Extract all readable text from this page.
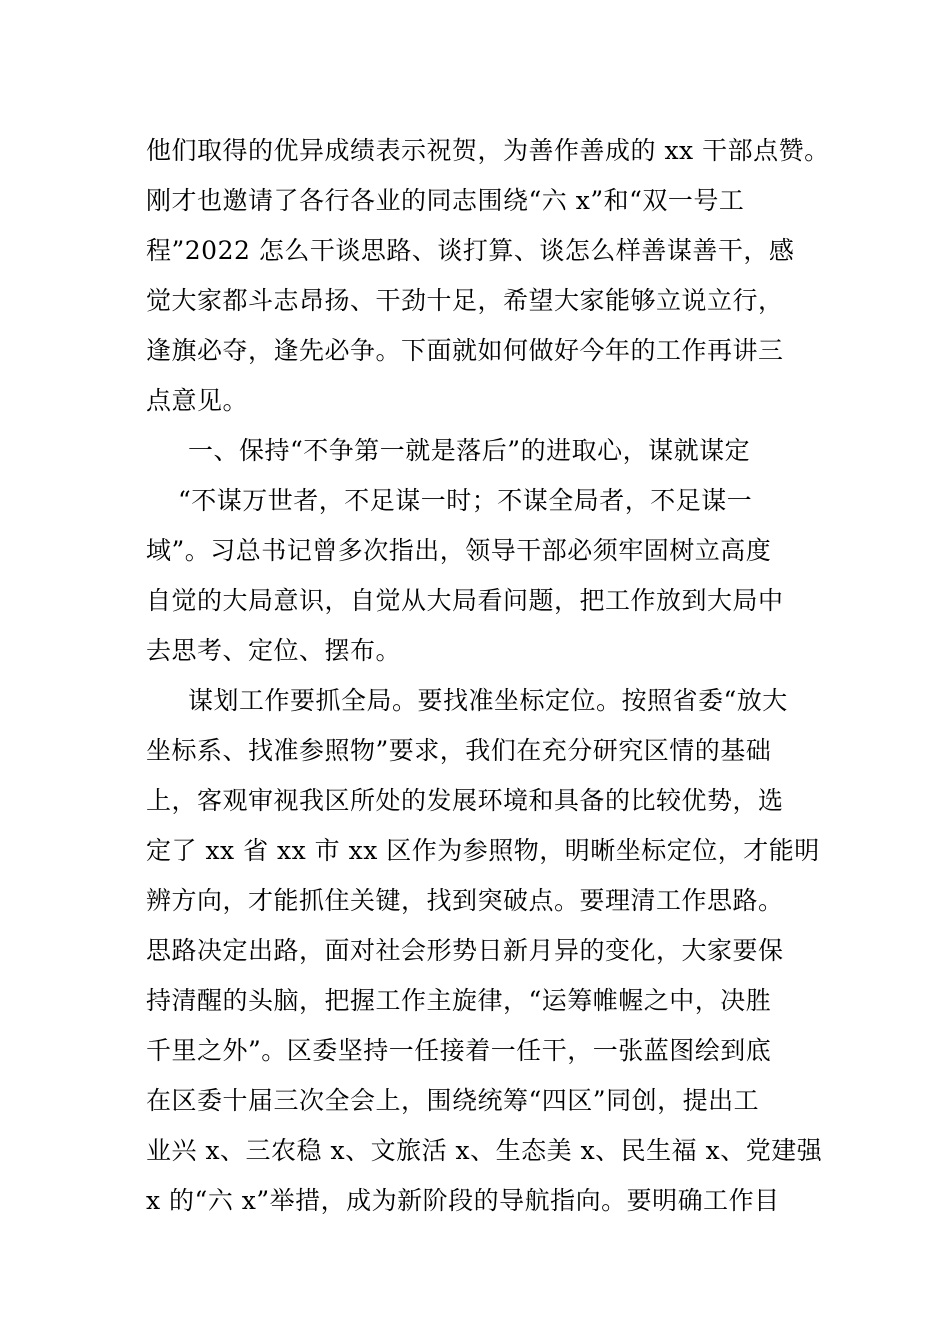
他们取得的优异成绩表示祝贺，为善作善成的 xx 干部点赞。
刚才也邀请了各行各业的同志围绕“六 x”和“双一号工
程”2022 怎么干谈思路、谈打算、谈怎么样善谋善干，感
觉大家都斗志昂扬、干劲十足，希望大家能够立说立行，
逢旗必夺，逢先必争。下面就如何做好今年的工作再讲三
点意见。
一、保持“不争第一就是落后”的进取心，谋就谋定
“不谋万世者，不足谋一时；不谋全局者，不足谋一
域”。习总书记曾多次指出，领导干部必须牢固树立高度
自觉的大局意识，自觉从大局看问题，把工作放到大局中
去思考、定位、摆布。
谋划工作要抓全局。要找准坐标定位。按照省委“放大
坐标系、找准参照物”要求，我们在充分研究区情的基础
上，客观审视我区所处的发展环境和具备的比较优势，选
定了 xx 省 xx 市 xx 区作为参照物，明晰坐标定位，才能明
辨方向，才能抓住关键，找到突破点。要理清工作思路。
思路决定出路，面对社会形势日新月异的变化，大家要保
持清醒的头脑，把握工作主旋律，“运筹帷幄之中，决胜
千里之外”。区委坚持一任接着一任干，一张蓝图绘到底
在区委十届三次全会上，围绕统筹“四区”同创，提出工
业兴 x、三农稳 x、文旅活 x、生态美 x、民生福 x、党建强
x 的“六 x”举措，成为新阶段的导航指向。要明确工作目
